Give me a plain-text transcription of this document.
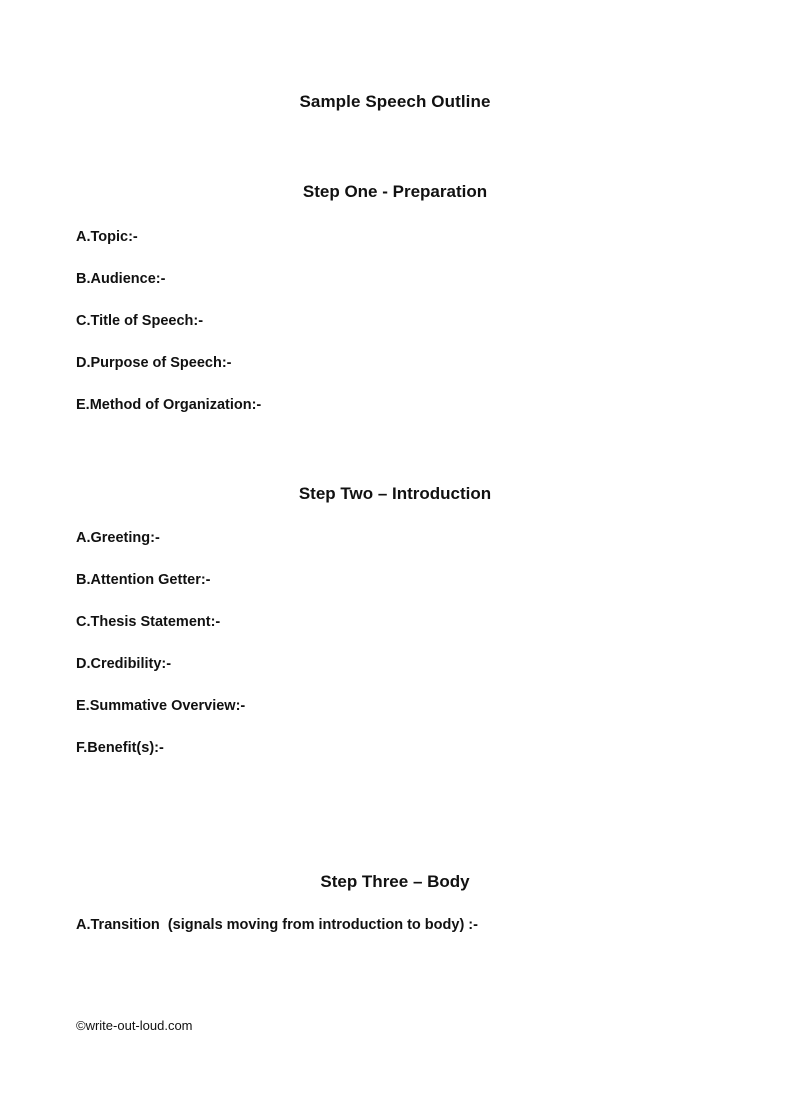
Sample Speech Outline
Step One - Preparation
A.Topic:-
B.Audience:-
C.Title of Speech:-
D.Purpose of Speech:-
E.Method of Organization:-
Step Two – Introduction
A.Greeting:-
B.Attention Getter:-
C.Thesis Statement:-
D.Credibility:-
E.Summative Overview:-
F.Benefit(s):-
Step Three – Body
A.Transition  (signals moving from introduction to body) :-
©write-out-loud.com
